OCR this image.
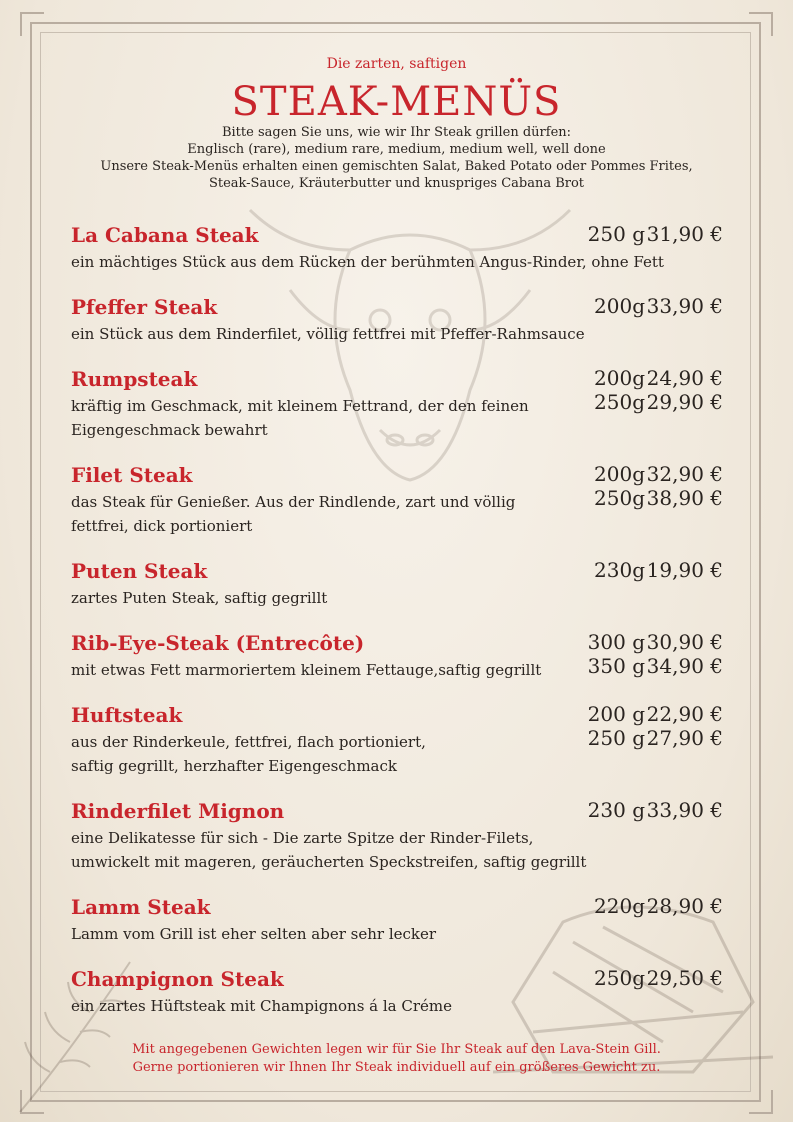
Die zarten, saftigen
STEAK-MENÜS
Bitte sagen Sie uns, wie wir Ihr Steak grillen dürfen:
Englisch (rare), medium rare, medium, medium well, well done
Unsere Steak-Menüs erhalten einen gemischten Salat, Baked Potato oder Pommes Frites,
Steak-Sauce, Kräuterbutter und knuspriges Cabana Brot
La Cabana Steak
ein mächtiges Stück aus dem Rücken der berühmten Angus-Rinder, ohne Fett
250 g31,90 €
Pfeffer Steak
ein Stück aus dem Rinderfilet, völlig fettfrei mit Pfeffer-Rahmsauce
200g33,90 €
Rumpsteak
kräftig im Geschmack, mit kleinem Fettrand, der den feinen
Eigengeschmack bewahrt
200g24,90 €
250g29,90 €
Filet Steak
das Steak für Genießer. Aus der Rindlende, zart und völlig
fettfrei, dick portioniert
200g32,90 €
250g38,90 €
Puten Steak
zartes Puten Steak, saftig gegrillt
230g19,90 €
Rib-Eye-Steak (Entrecôte)
mit etwas Fett marmoriertem kleinem Fettauge,saftig gegrillt
300 g30,90 €
350 g34,90 €
Huftsteak
aus der Rinderkeule, fettfrei, flach portioniert,
saftig gegrillt, herzhafter Eigengeschmack
200 g22,90 €
250 g27,90 €
Rinderfilet Mignon
eine Delikatesse für sich - Die zarte Spitze der Rinder-Filets,
umwickelt mit mageren, geräucherten Speckstreifen, saftig gegrillt
230 g33,90 €
Lamm Steak
Lamm vom Grill ist eher selten aber sehr lecker
220g28,90 €
Champignon Steak
ein zartes Hüftsteak mit Champignons á la Créme
250g29,50 €
Mit angegebenen Gewichten legen wir für Sie Ihr Steak auf den Lava-Stein Gill.
Gerne portionieren wir Ihnen Ihr Steak individuell auf ein größeres Gewicht zu.
